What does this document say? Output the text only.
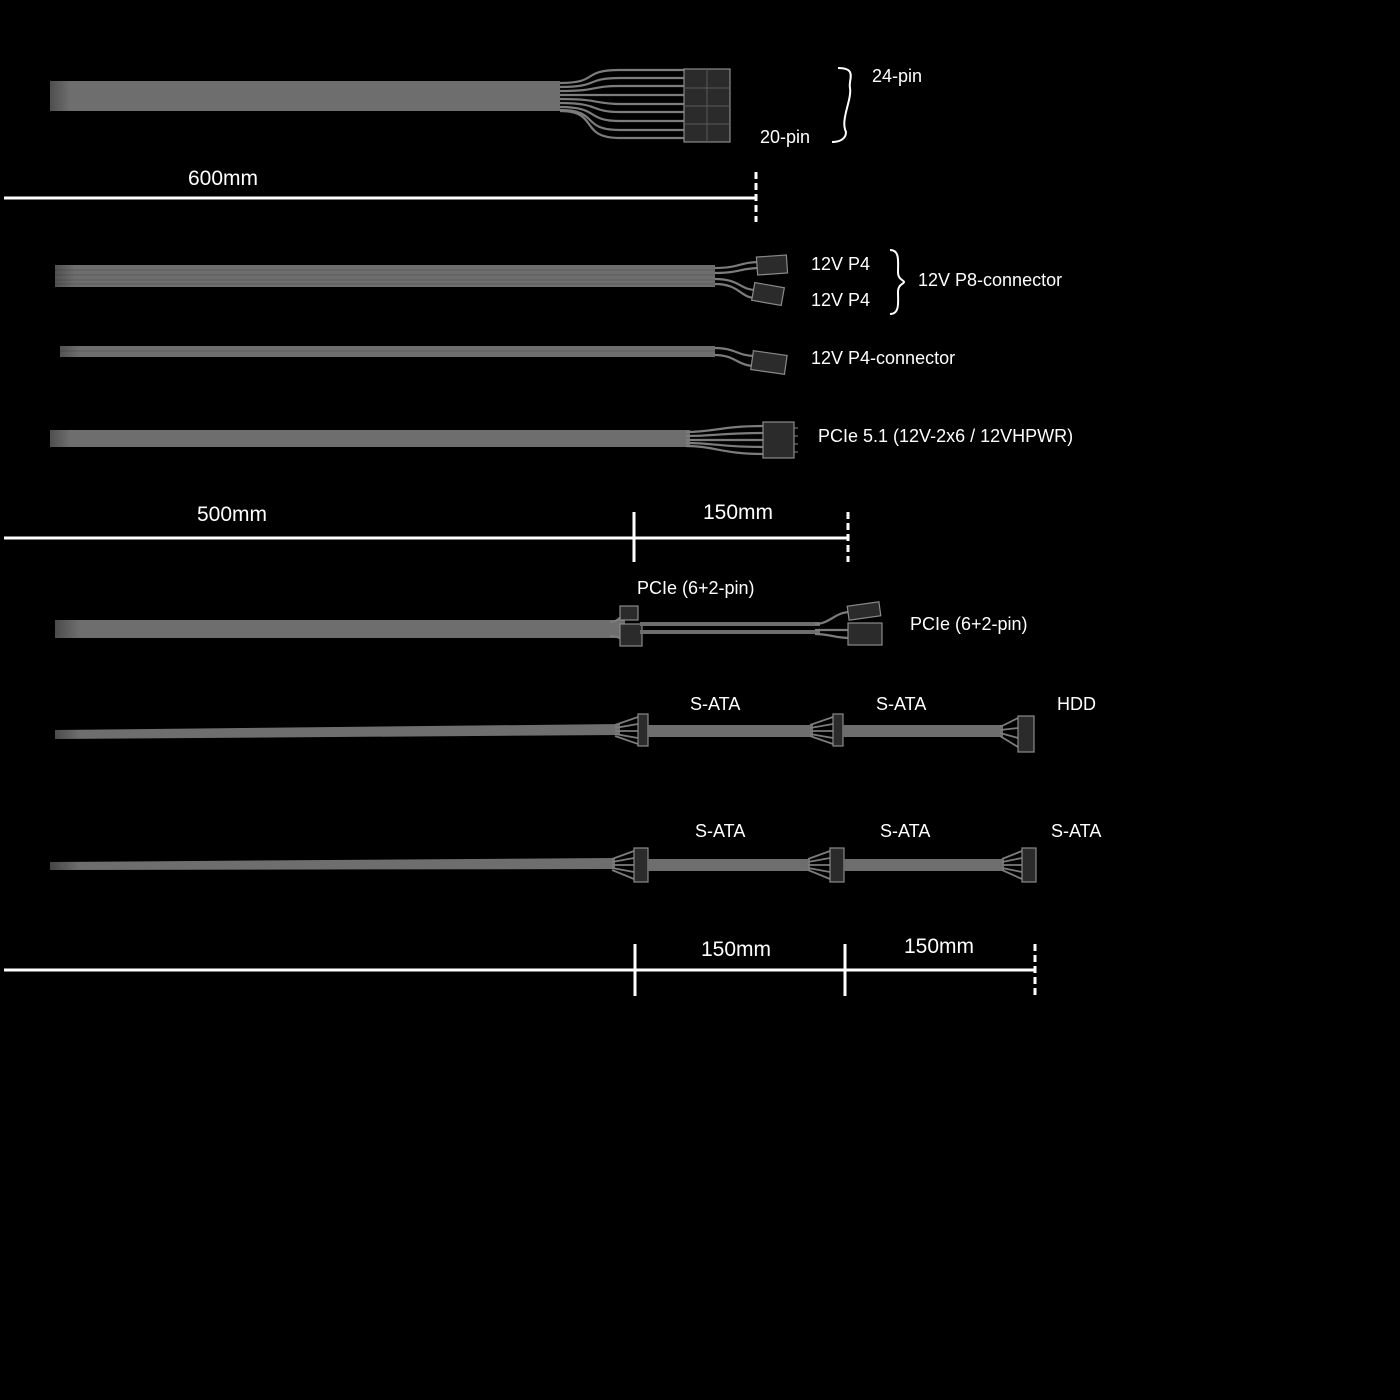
24-pin
20-pin
600mm
12V P4
12V P4
12V P8-connector
12V P4-connector
PCIe 5.1 (12V-2x6 / 12VHPWR)
500mm	150mm
PCIe (6+2-pin)
PCIe (6+2-pin)
S-ATA	S-ATA	HDD
S-ATA	S-ATA	S-ATA
150mm	150mm
